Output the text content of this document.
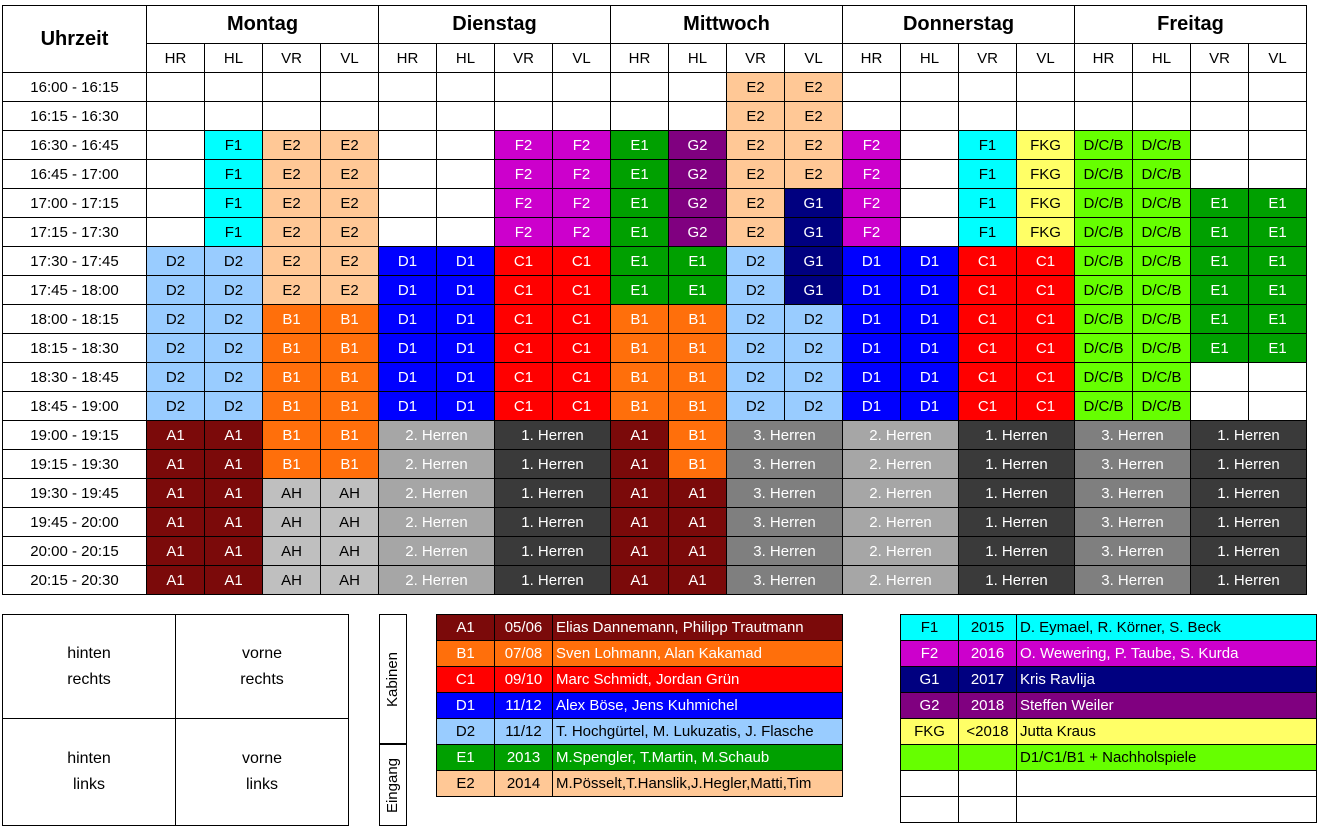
Uhrzeit	Montag				Dienstag				Mittwoch				Donnerstag				Freitag			
	HR	HL	VR	VL	HR	HL	VR	VL	HR	HL	VR	VL	HR	HL	VR	VL	HR	HL	VR	VL
16:00 - 16:15											E2	E2								
16:15 - 16:30											E2	E2								
16:30 - 16:45		F1	E2	E2			F2	F2	E1	G2	E2	E2	F2		F1	FKG	D/C/B	D/C/B		
16:45 - 17:00		F1	E2	E2			F2	F2	E1	G2	E2	E2	F2		F1	FKG	D/C/B	D/C/B		
17:00 - 17:15		F1	E2	E2			F2	F2	E1	G2	E2	G1	F2		F1	FKG	D/C/B	D/C/B	E1	E1
17:15 - 17:30		F1	E2	E2			F2	F2	E1	G2	E2	G1	F2		F1	FKG	D/C/B	D/C/B	E1	E1
17:30 - 17:45	D2	D2	E2	E2	D1	D1	C1	C1	E1	E1	D2	G1	D1	D1	C1	C1	D/C/B	D/C/B	E1	E1
17:45 - 18:00	D2	D2	E2	E2	D1	D1	C1	C1	E1	E1	D2	G1	D1	D1	C1	C1	D/C/B	D/C/B	E1	E1
18:00 - 18:15	D2	D2	B1	B1	D1	D1	C1	C1	B1	B1	D2	D2	D1	D1	C1	C1	D/C/B	D/C/B	E1	E1
18:15 - 18:30	D2	D2	B1	B1	D1	D1	C1	C1	B1	B1	D2	D2	D1	D1	C1	C1	D/C/B	D/C/B	E1	E1
18:30 - 18:45	D2	D2	B1	B1	D1	D1	C1	C1	B1	B1	D2	D2	D1	D1	C1	C1	D/C/B	D/C/B		
18:45 - 19:00	D2	D2	B1	B1	D1	D1	C1	C1	B1	B1	D2	D2	D1	D1	C1	C1	D/C/B	D/C/B		
19:00 - 19:15	A1	A1	B1	B1	2. Herren		1. Herren		A1	B1	3. Herren		2. Herren		1. Herren		3. Herren		1. Herren	
19:15 - 19:30	A1	A1	B1	B1	2. Herren		1. Herren		A1	B1	3. Herren		2. Herren		1. Herren		3. Herren		1. Herren	
19:30 - 19:45	A1	A1	AH	AH	2. Herren		1. Herren		A1	A1	3. Herren		2. Herren		1. Herren		3. Herren		1. Herren	
19:45 - 20:00	A1	A1	AH	AH	2. Herren		1. Herren		A1	A1	3. Herren		2. Herren		1. Herren		3. Herren		1. Herren	
20:00 - 20:15	A1	A1	AH	AH	2. Herren		1. Herren		A1	A1	3. Herren		2. Herren		1. Herren		3. Herren		1. Herren	
20:15 - 20:30	A1	A1	AH	AH	2. Herren		1. Herren		A1	A1	3. Herren		2. Herren		1. Herren		3. Herren		1. Herren	
hinten
rechts
vorne
rechts
hinten
links
vorne
links
Kabinen
Eingang
A1	05/06	Elias Dannemann, Philipp Trautmann
B1	07/08	Sven Lohmann, Alan Kakamad
C1	09/10	Marc Schmidt, Jordan Grün
D1	11/12	Alex Böse, Jens Kuhmichel
D2	11/12	T. Hochgürtel, M. Lukuzatis, J. Flasche
E1	2013	M.Spengler, T.Martin, M.Schaub
E2	2014	M.Pösselt,T.Hanslik,J.Hegler,Matti,Tim
F1	2015	D. Eymael, R. Körner, S. Beck
F2	2016	O. Wewering, P. Taube, S. Kurda
G1	2017	Kris Ravlija
G2	2018	Steffen Weiler
FKG	<2018	Jutta Kraus
		D1/C1/B1 + Nachholspiele
